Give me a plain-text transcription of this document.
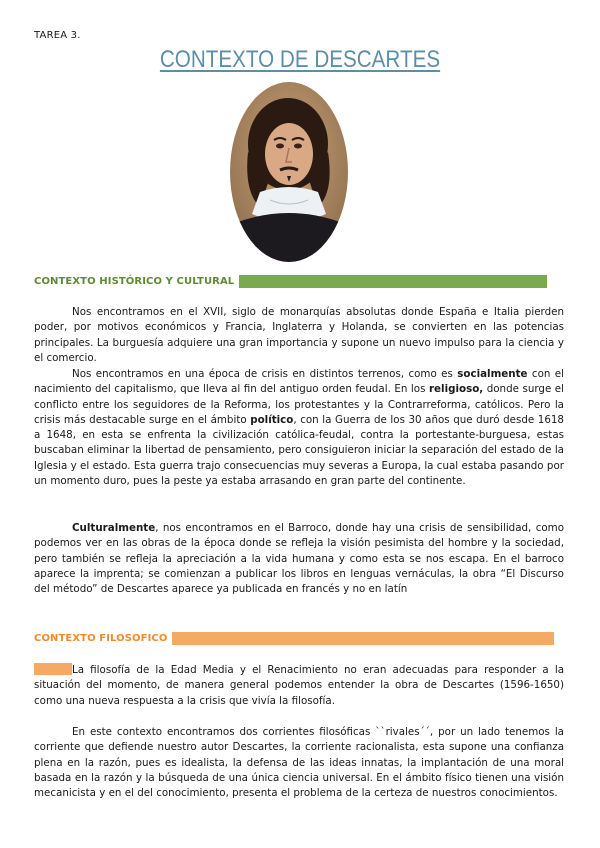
TAREA 3.
CONTEXTO DE DESCARTES
CONTEXTO HISTÓRICO Y CULTURAL

Nos encontramos en el XVII, siglo de monarquías absolutas donde España e Italia pierden poder, por motivos económicos y Francia, Inglaterra y Holanda, se convierten en las potencias principales. La burguesía adquiere una gran importancia y supone un nuevo impulso para la ciencia y el comercio.

Nos encontramos en una época de crisis en distintos terrenos, como es socialmente con el nacimiento del capitalismo, que lleva al fin del antiguo orden feudal. En los religioso, donde surge el conflicto entre los seguidores de la Reforma, los protestantes y la Contrarreforma, católicos. Pero la crisis más destacable surge en el ámbito político, con la Guerra de los 30 años que duró desde 1618 a 1648, en esta se enfrenta la civilización católica-feudal, contra la portestante-burguesa, estas buscaban eliminar la libertad de pensamiento, pero consiguieron iniciar la separación del estado de la Iglesia y el estado. Esta guerra trajo consecuencias muy severas a Europa, la cual estaba pasando por un momento duro, pues la peste ya estaba arrasando en gran parte del continente.

Culturalmente, nos encontramos en el Barroco, donde hay una crisis de sensibilidad, como podemos ver en las obras de la época donde se refleja la visión pesimista del hombre y la sociedad, pero también se refleja la apreciación a la vida humana y como esta se nos escapa. En el barroco aparece la imprenta; se comienzan a publicar los libros en lenguas vernáculas, la obra “El Discurso del método” de Descartes aparece ya publicada en francés y no en latín

CONTEXTO FILOSOFICO

La filosofía de la Edad Media y el Renacimiento no eran adecuadas para responder a la situación del momento, de manera general podemos entender la obra de Descartes (1596-1650) como una nueva respuesta a la crisis que vivía la filosofía.

En este contexto encontramos dos corrientes filosóficas ``rivales´´, por un lado tenemos la corriente que defiende nuestro autor Descartes, la corriente racionalista, esta supone una confianza plena en la razón, pues es idealista, la defensa de las ideas innatas, la implantación de una moral basada en la razón y la búsqueda de una única ciencia universal. En el ámbito físico tienen una visión mecanicista y en el del conocimiento, presenta el problema de la certeza de nuestros conocimientos.
